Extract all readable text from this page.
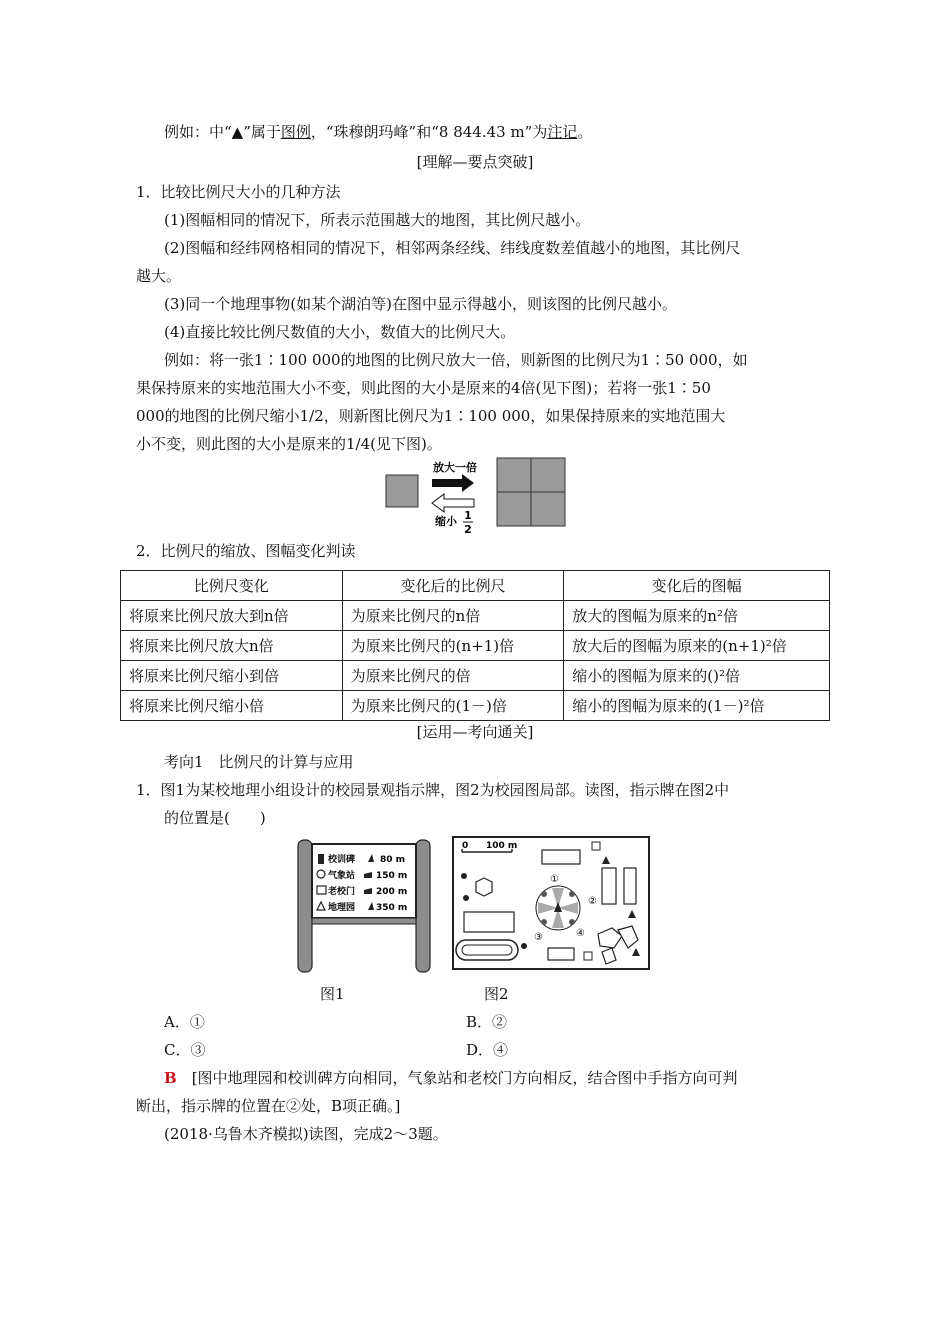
例如：中“▲”属于图例，“珠穆朗玛峰”和“8 844.43 m”为注记。
[理解—要点突破]
1．比较比例尺大小的几种方法
(1)图幅相同的情况下，所表示范围越大的地图，其比例尺越小。
(2)图幅和经纬网格相同的情况下，相邻两条经线、纬线度数差值越小的地图，其比例尺
越大。
(3)同一个地理事物(如某个湖泊等)在图中显示得越小，则该图的比例尺越小。
(4)直接比较比例尺数值的大小，数值大的比例尺大。
例如：将一张1∶100 000的地图的比例尺放大一倍，则新图的比例尺为1∶50 000，如
果保持原来的实地范围大小不变，则此图的大小是原来的4倍(见下图)；若将一张1∶50
000的地图的比例尺缩小1/2，则新图比例尺为1∶100 000，如果保持原来的实地范围大
小不变，则此图的大小是原来的1/4(见下图)。
放大一倍
缩小 1
2
2．比例尺的缩放、图幅变化判读
比例尺变化	变化后的比例尺	变化后的图幅
将原来比例尺放大到n倍	为原来比例尺的n倍	放大的图幅为原来的n²倍
将原来比例尺放大n倍	为原来比例尺的(n+1)倍	放大后的图幅为原来的(n+1)²倍
将原来比例尺缩小到倍	为原来比例尺的倍	缩小的图幅为原来的()²倍
将原来比例尺缩小倍	为原来比例尺的(1－)倍	缩小的图幅为原来的(1－)²倍
[运用—考向通关]
考向1　比例尺的计算与应用
1．图1为某校地理小组设计的校园景观指示牌，图2为校园图局部。读图，指示牌在图2中
的位置是(　　)
校训碑	80 m
气象站 150 m
老校门 200 m
地理园 350 m
图1
0 100 m
①
②
③	④
图2
A．①	B．②
C．③	D．④
B　[图中地理园和校训碑方向相同，气象站和老校门方向相反，结合图中手指方向可判
断出，指示牌的位置在②处，B项正确。]
(2018·乌鲁木齐模拟)读图，完成2～3题。
